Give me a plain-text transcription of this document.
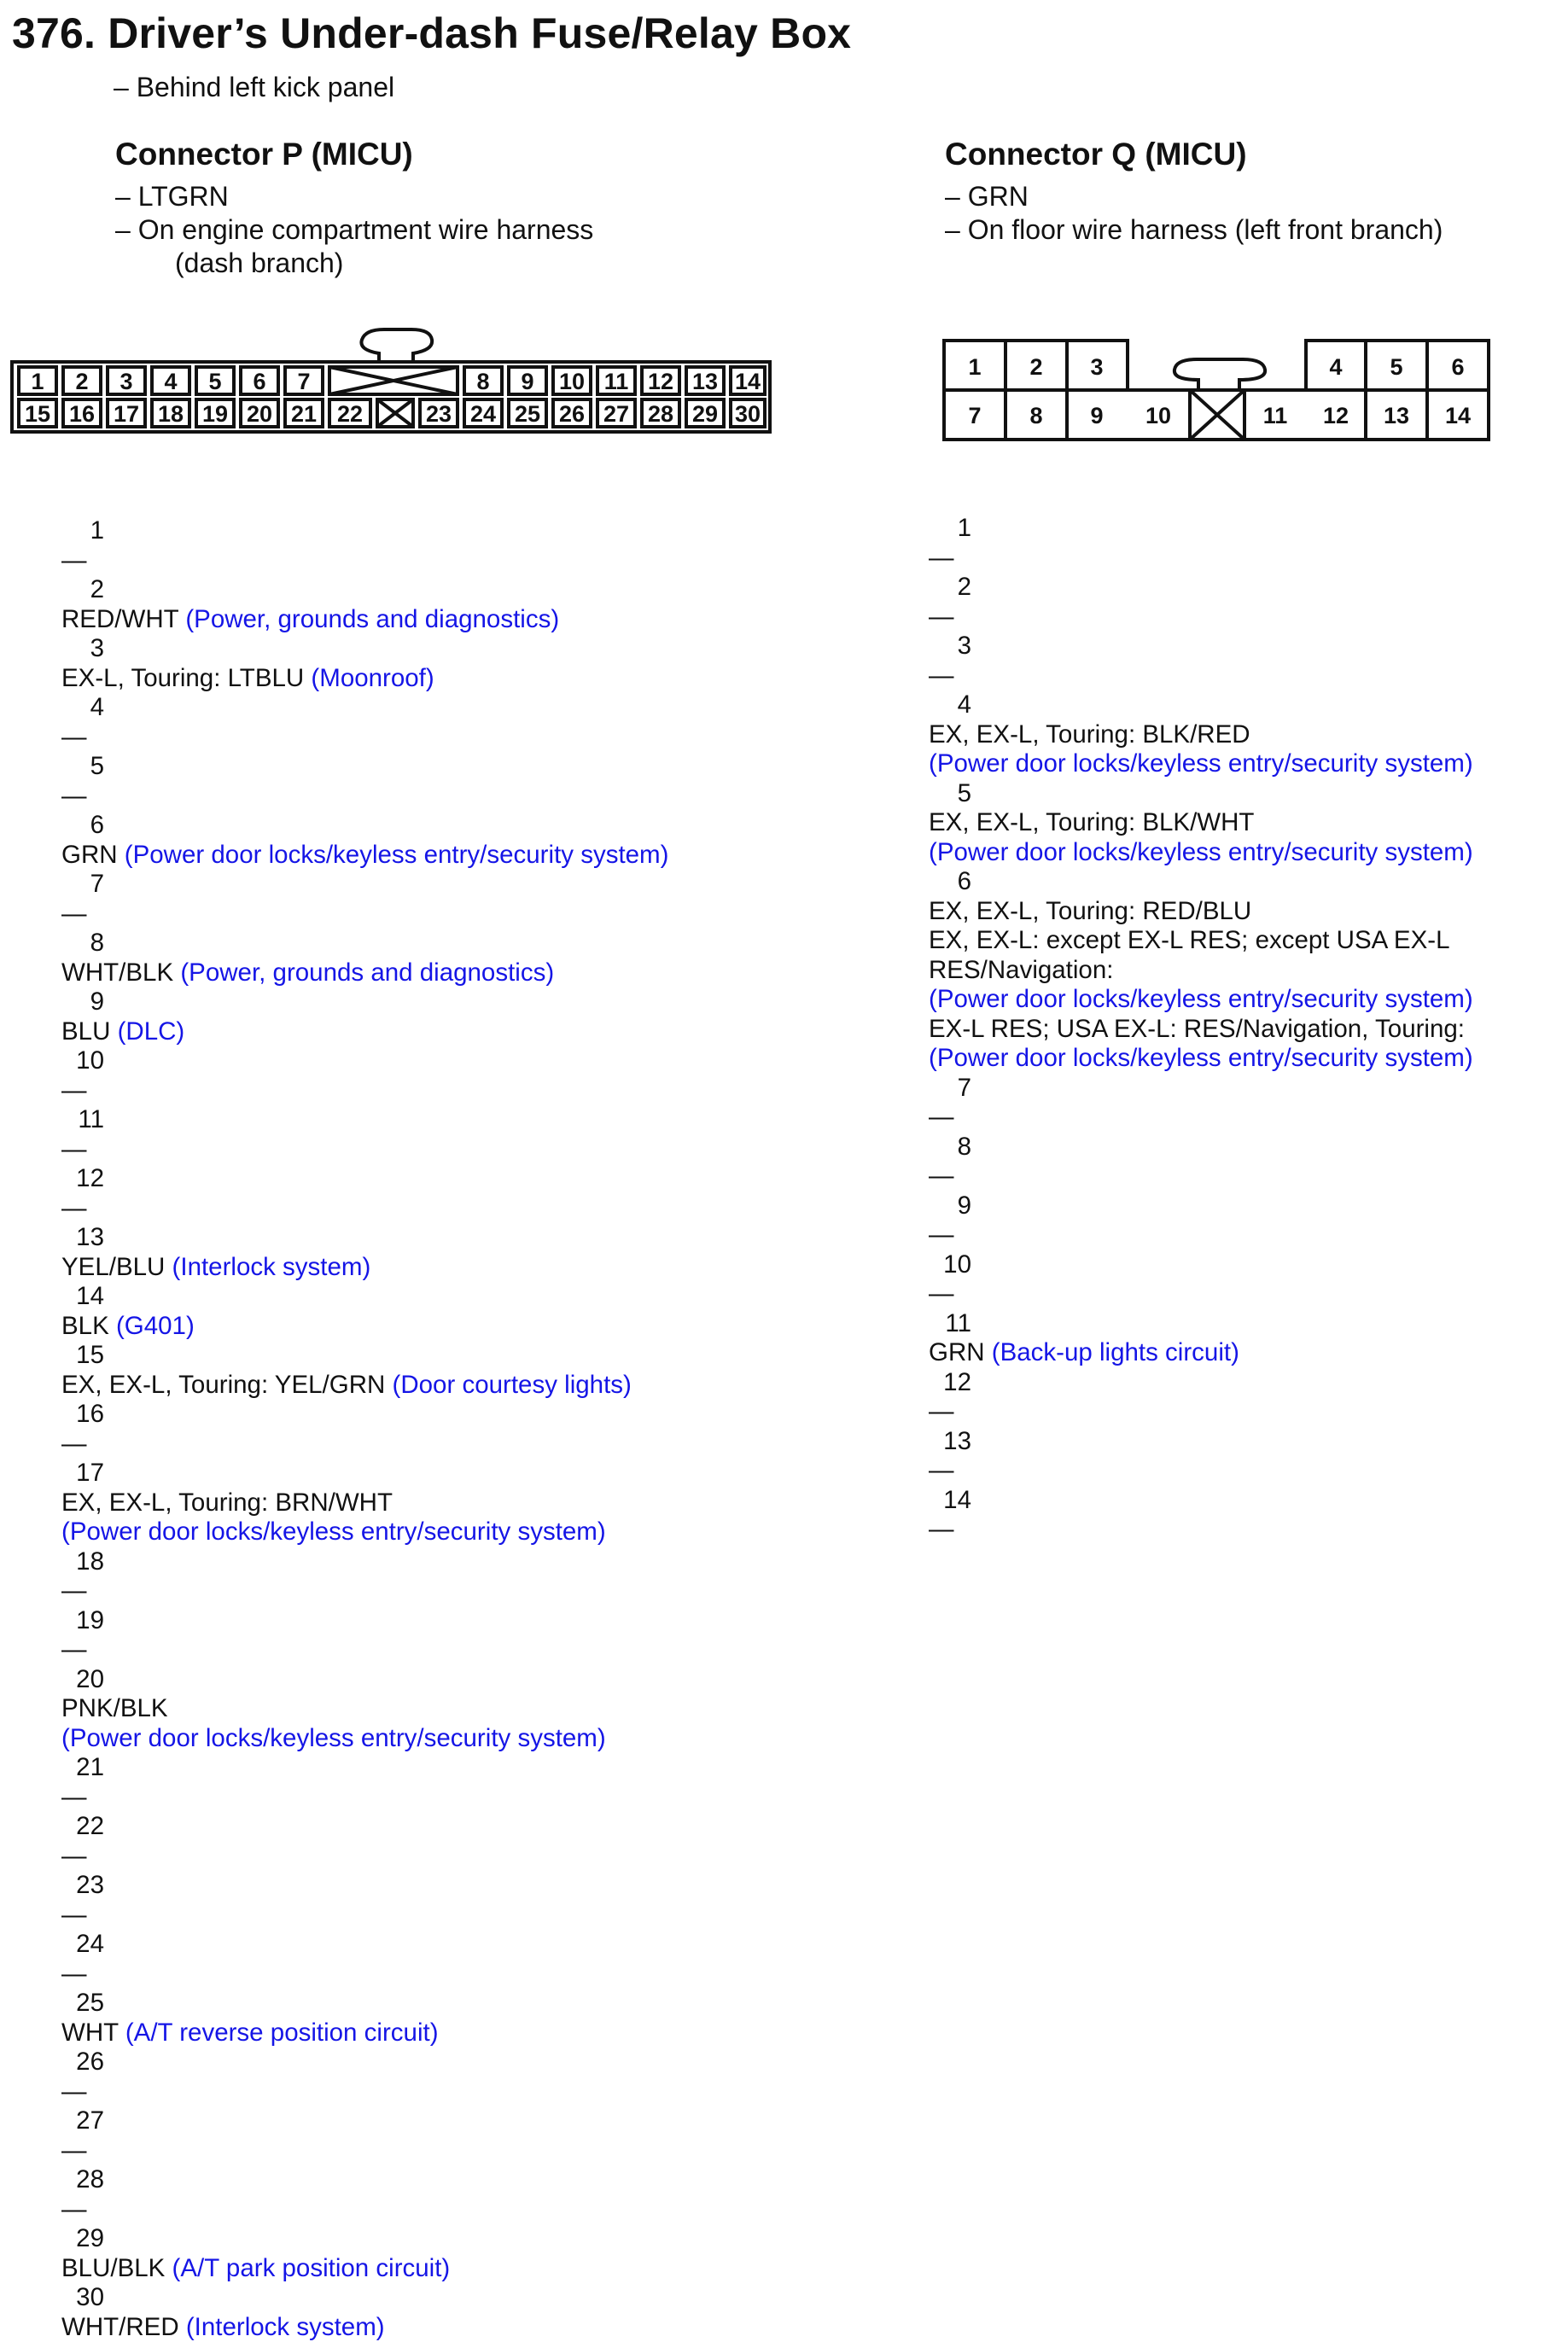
376. Driver’s Under-dash Fuse/Relay Box
– Behind left kick panel
Connector P (MICU)
– LTGRN
– On engine compartment wire harness
(dash branch)
Connector Q (MICU)
– GRN
– On floor wire harness (left front branch)
1 2 3 4 5 6 7	8 9 10 11 12 13 14
15 16 17 18 19 20 21 22	23 24 25 26 27 28 29 30
1 2 3	4 5 6
7 8 9 10	11 12 13 14
1
—
2
RED/WHT (Power, grounds and diagnostics)
3
EX-L, Touring: LTBLU (Moonroof)
4
—
5
—
6
GRN (Power door locks/keyless entry/security system)
7
—
8
WHT/BLK (Power, grounds and diagnostics)
9
BLU (DLC)
10
—
11
—
12
—
13
YEL/BLU (Interlock system)
14
BLK (G401)
15
EX, EX-L, Touring: YEL/GRN (Door courtesy lights)
16
—
17
EX, EX-L, Touring: BRN/WHT
(Power door locks/keyless entry/security system)
18
—
19
—
20
PNK/BLK
(Power door locks/keyless entry/security system)
21
—
22
—
23
—
24
—
25
WHT (A/T reverse position circuit)
26
—
27
—
28
—
29
BLU/BLK (A/T park position circuit)
30
WHT/RED (Interlock system)
1
—
2
—
3
—
4
EX, EX-L, Touring: BLK/RED
(Power door locks/keyless entry/security system)
5
EX, EX-L, Touring: BLK/WHT
(Power door locks/keyless entry/security system)
6
EX, EX-L, Touring: RED/BLU
EX, EX-L: except EX-L RES; except USA EX-L
RES/Navigation:
(Power door locks/keyless entry/security system)
EX-L RES; USA EX-L: RES/Navigation, Touring:
(Power door locks/keyless entry/security system)
7
—
8
—
9
—
10
—
11
GRN (Back-up lights circuit)
12
—
13
—
14
—
